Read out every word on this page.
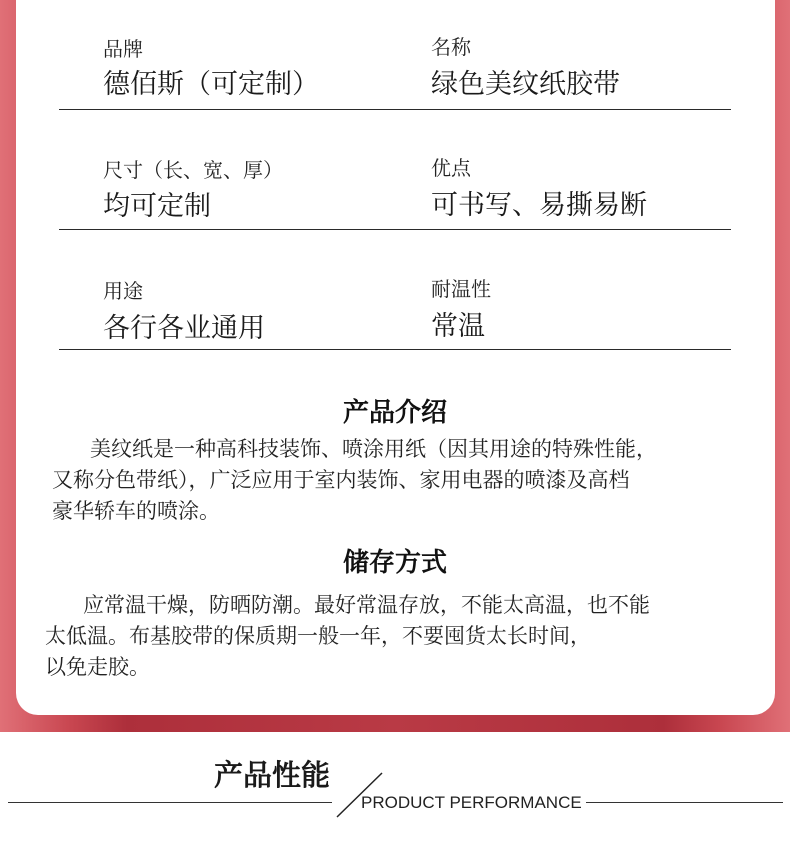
品牌
德佰斯（可定制）
名称
绿色美纹纸胶带
尺寸（长、宽、厚）
均可定制
优点
可书写、易撕易断
用途
各行各业通用
耐温性
常温
产品介绍
美纹纸是一种高科技装饰、喷涂用纸（因其用途的特殊性能，
又称分色带纸），广泛应用于室内装饰、家用电器的喷漆及高档
豪华轿车的喷涂。
储存方式
应常温干燥，防晒防潮。最好常温存放，不能太高温，也不能
太低温。布基胶带的保质期一般一年，不要囤货太长时间，
以免走胶。
产品性能
PRODUCT PERFORMANCE
